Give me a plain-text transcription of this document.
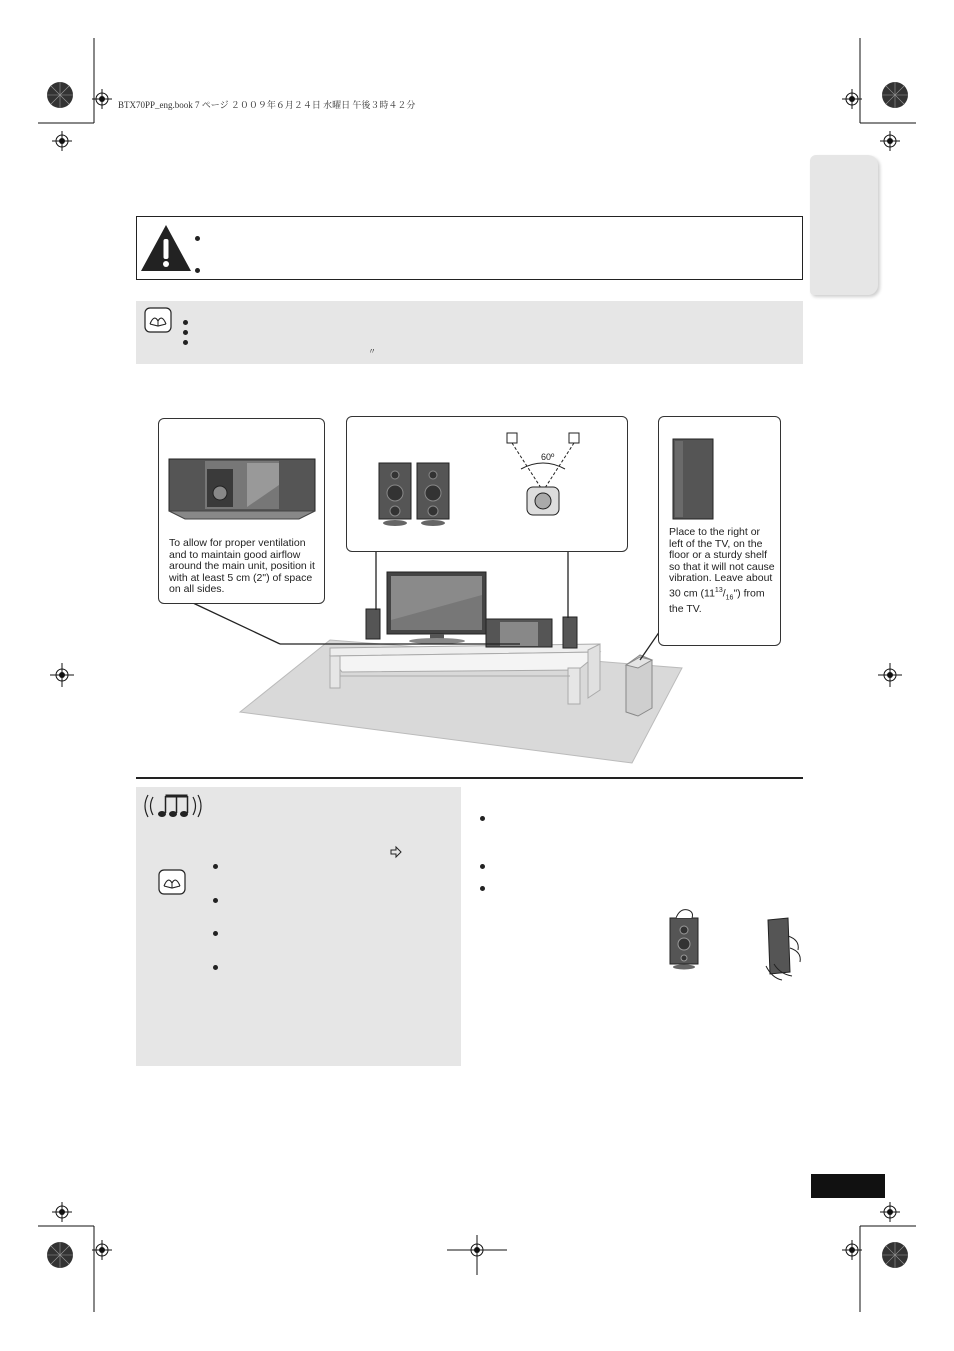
BTX70PP_eng.book 7 ページ ２００９年６月２４日 水曜日 午後３時４２分
〃
To allow for proper ventilation and to maintain good airflow around the main unit, position it with at least 5 cm (2") of space on all sides.
60º
Place to the right or left of the TV, on the floor or a sturdy shelf so that it will not cause vibration. Leave about 30 cm $(11^{13}/_{16}")$ from the TV.
